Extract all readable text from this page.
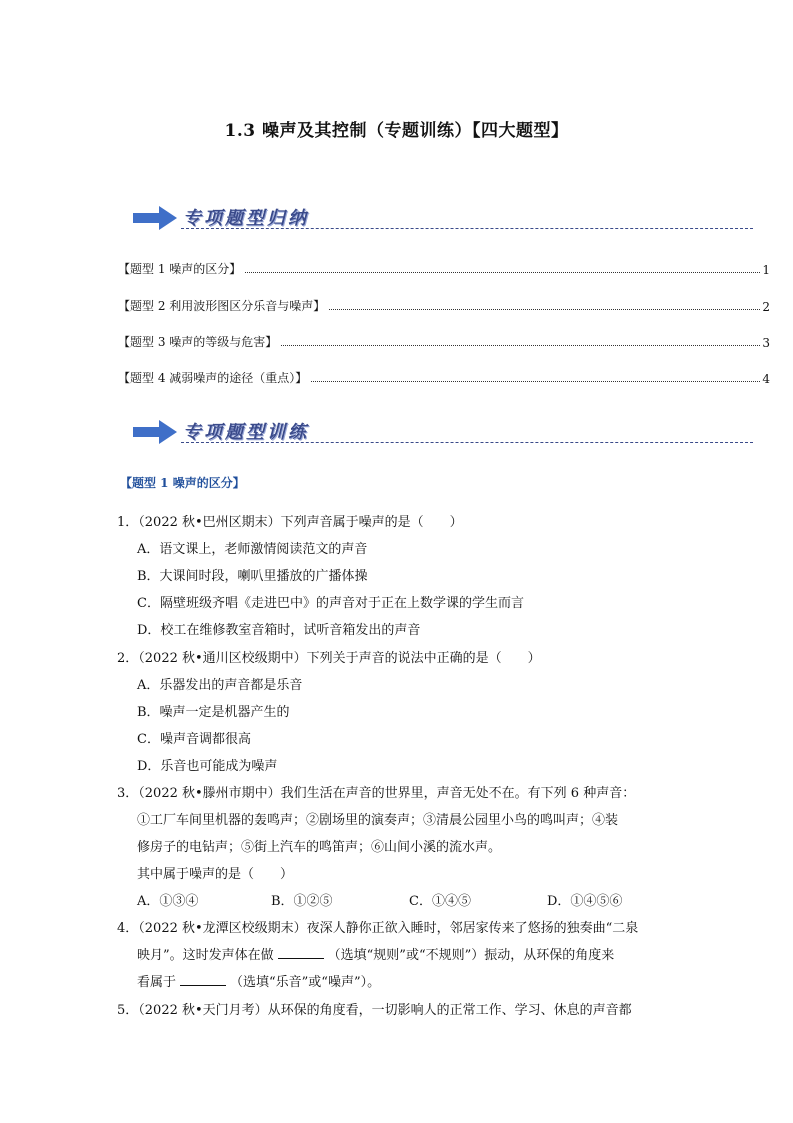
1.3 噪声及其控制（专题训练）【四大题型】
专项题型归纳
【题型 1 噪声的区分】	1
【题型 2 利用波形图区分乐音与噪声】	2
【题型 3 噪声的等级与危害】	3
【题型 4 减弱噪声的途径（重点）】	4
专项题型训练
【题型 1 噪声的区分】
1．（2022 秋•巴州区期末）下列声音属于噪声的是（　　）
A．语文课上，老师激情阅读范文的声音
B．大课间时段，喇叭里播放的广播体操
C．隔壁班级齐唱《走进巴中》的声音对于正在上数学课的学生而言
D．校工在维修教室音箱时，试听音箱发出的声音
2．（2022 秋•通川区校级期中）下列关于声音的说法中正确的是（　　）
A．乐器发出的声音都是乐音
B．噪声一定是机器产生的
C．噪声音调都很高
D．乐音也可能成为噪声
3．（2022 秋•滕州市期中）我们生活在声音的世界里，声音无处不在。有下列 6 种声音：
①工厂车间里机器的轰鸣声；②剧场里的演奏声；③清晨公园里小鸟的鸣叫声；④装
修房子的电钻声；⑤街上汽车的鸣笛声；⑥山间小溪的流水声。
其中属于噪声的是（　　）
A．①③④	B．①②⑤	C．①④⑤	D．①④⑤⑥
4．（2022 秋•龙潭区校级期末）夜深人静你正欲入睡时，邻居家传来了悠扬的独奏曲“二泉
映月”。这时发声体在做	（选填“规则”或“不规则”）振动，从环保的角度来
看属于	（选填“乐音”或“噪声”）。
5．（2022 秋•天门月考）从环保的角度看，一切影响人的正常工作、学习、休息的声音都
